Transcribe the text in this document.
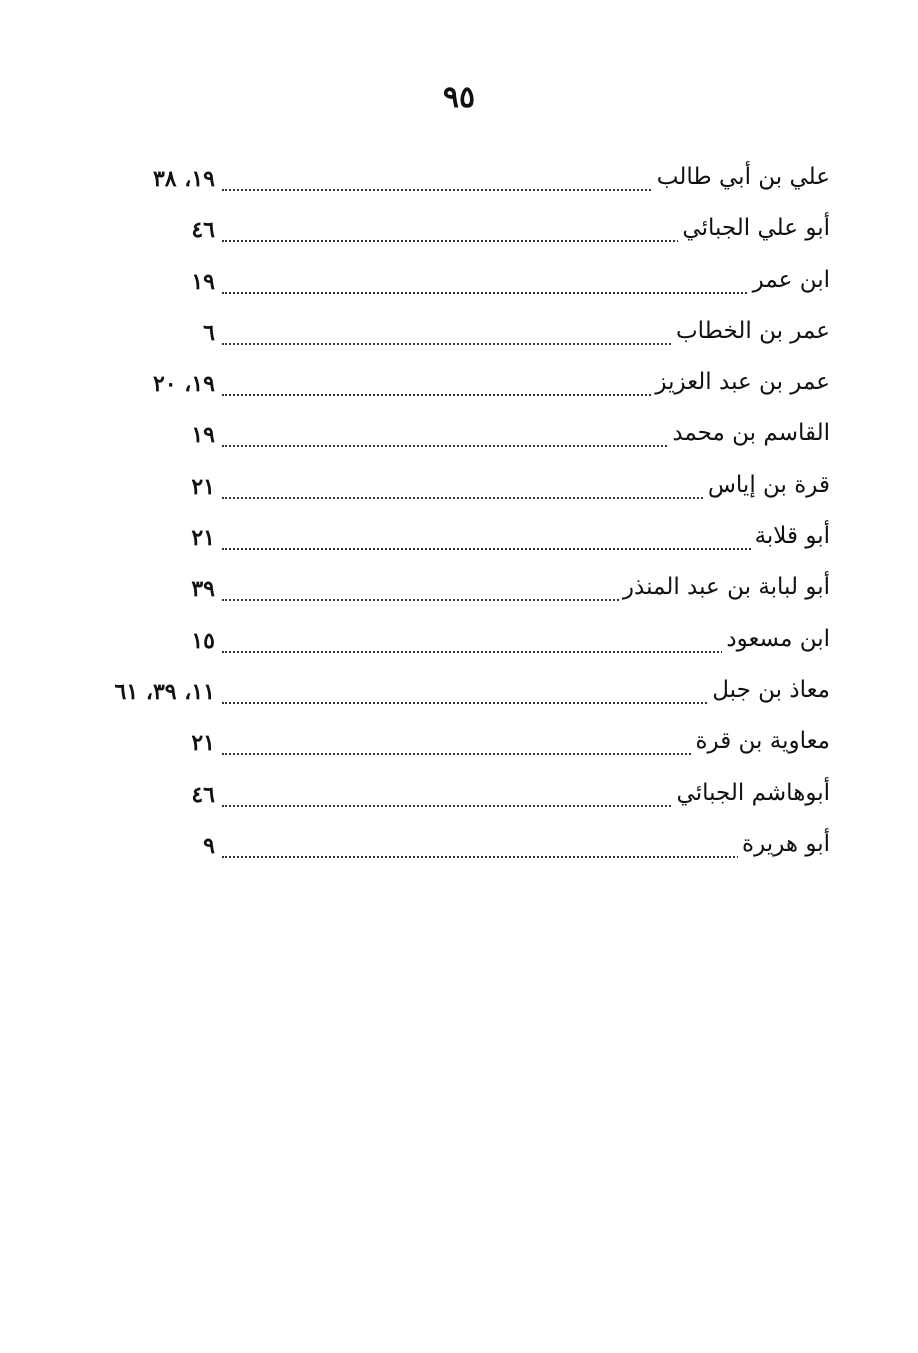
٩٥
علي بن أبي طالب
١٩، ٣٨
أبو علي الجبائي
٤٦
ابن عمر
١٩
عمر بن الخطاب
٦
عمر بن عبد العزيز
١٩، ٢٠
القاسم بن محمد
١٩
قرة بن إياس
٢١
أبو قلابة
٢١
أبو لبابة بن عبد المنذر
٣٩
ابن مسعود
١٥
معاذ بن جبل
١١، ٣٩، ٦١
معاوية بن قرة
٢١
أبوهاشم الجبائي
٤٦
أبو هريرة
٩
